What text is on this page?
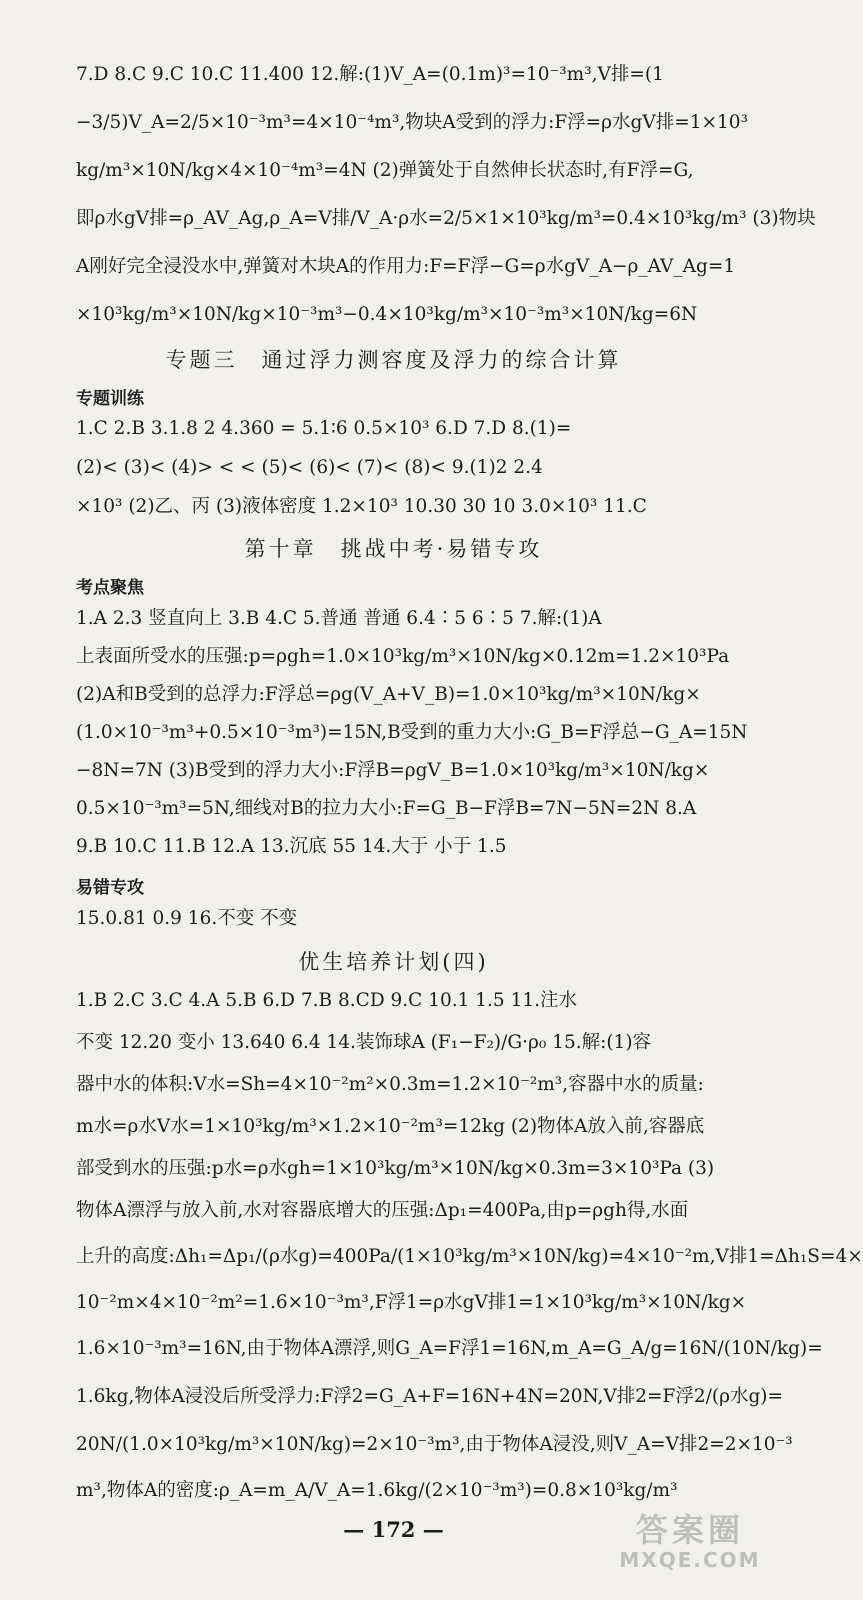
7.D 8.C 9.C 10.C 11.400 12.解:(1)V_A=(0.1m)³=10⁻³m³,V排=(1
−3/5)V_A=2/5×10⁻³m³=4×10⁻⁴m³,物块A受到的浮力:F浮=ρ水gV排=1×10³
kg/m³×10N/kg×4×10⁻⁴m³=4N (2)弹簧处于自然伸长状态时,有F浮=G,
即ρ水gV排=ρ_AV_Ag,ρ_A=V排/V_A·ρ水=2/5×1×10³kg/m³=0.4×10³kg/m³ (3)物块
A刚好完全浸没水中,弹簧对木块A的作用力:F=F浮−G=ρ水gV_A−ρ_AV_Ag=1
×10³kg/m³×10N/kg×10⁻³m³−0.4×10³kg/m³×10⁻³m³×10N/kg=6N
专题三　通过浮力测容度及浮力的综合计算
专题训练
1.C 2.B 3.1.8 2 4.360 = 5.1∶6 0.5×10³ 6.D 7.D 8.(1)=
(2)< (3)< (4)> < < (5)< (6)< (7)< (8)< 9.(1)2 2.4
×10³ (2)乙、丙 (3)液体密度 1.2×10³ 10.30 30 10 3.0×10³ 11.C
第十章　挑战中考·易错专攻
考点聚焦
1.A 2.3 竖直向上 3.B 4.C 5.普通 普通 6.4∶5 6∶5 7.解:(1)A
上表面所受水的压强:p=ρgh=1.0×10³kg/m³×10N/kg×0.12m=1.2×10³Pa
(2)A和B受到的总浮力:F浮总=ρg(V_A+V_B)=1.0×10³kg/m³×10N/kg×
(1.0×10⁻³m³+0.5×10⁻³m³)=15N,B受到的重力大小:G_B=F浮总−G_A=15N
−8N=7N (3)B受到的浮力大小:F浮B=ρgV_B=1.0×10³kg/m³×10N/kg×
0.5×10⁻³m³=5N,细线对B的拉力大小:F=G_B−F浮B=7N−5N=2N 8.A
9.B 10.C 11.B 12.A 13.沉底 55 14.大于 小于 1.5
易错专攻
15.0.81 0.9 16.不变 不变
优生培养计划(四)
1.B 2.C 3.C 4.A 5.B 6.D 7.B 8.CD 9.C 10.1 1.5 11.注水
不变 12.20 变小 13.640 6.4 14.装饰球A (F₁−F₂)/G·ρ₀ 15.解:(1)容
器中水的体积:V水=Sh=4×10⁻²m²×0.3m=1.2×10⁻²m³,容器中水的质量:
m水=ρ水V水=1×10³kg/m³×1.2×10⁻²m³=12kg (2)物体A放入前,容器底
部受到水的压强:p水=ρ水gh=1×10³kg/m³×10N/kg×0.3m=3×10³Pa (3)
物体A漂浮与放入前,水对容器底增大的压强:Δp₁=400Pa,由p=ρgh得,水面
上升的高度:Δh₁=Δp₁/(ρ水g)=400Pa/(1×10³kg/m³×10N/kg)=4×10⁻²m,V排1=Δh₁S=4×
10⁻²m×4×10⁻²m²=1.6×10⁻³m³,F浮1=ρ水gV排1=1×10³kg/m³×10N/kg×
1.6×10⁻³m³=16N,由于物体A漂浮,则G_A=F浮1=16N,m_A=G_A/g=16N/(10N/kg)=
1.6kg,物体A浸没后所受浮力:F浮2=G_A+F=16N+4N=20N,V排2=F浮2/(ρ水g)=
20N/(1.0×10³kg/m³×10N/kg)=2×10⁻³m³,由于物体A浸没,则V_A=V排2=2×10⁻³
m³,物体A的密度:ρ_A=m_A/V_A=1.6kg/(2×10⁻³m³)=0.8×10³kg/m³
— 172 —	答案圈
MXQE.COM
